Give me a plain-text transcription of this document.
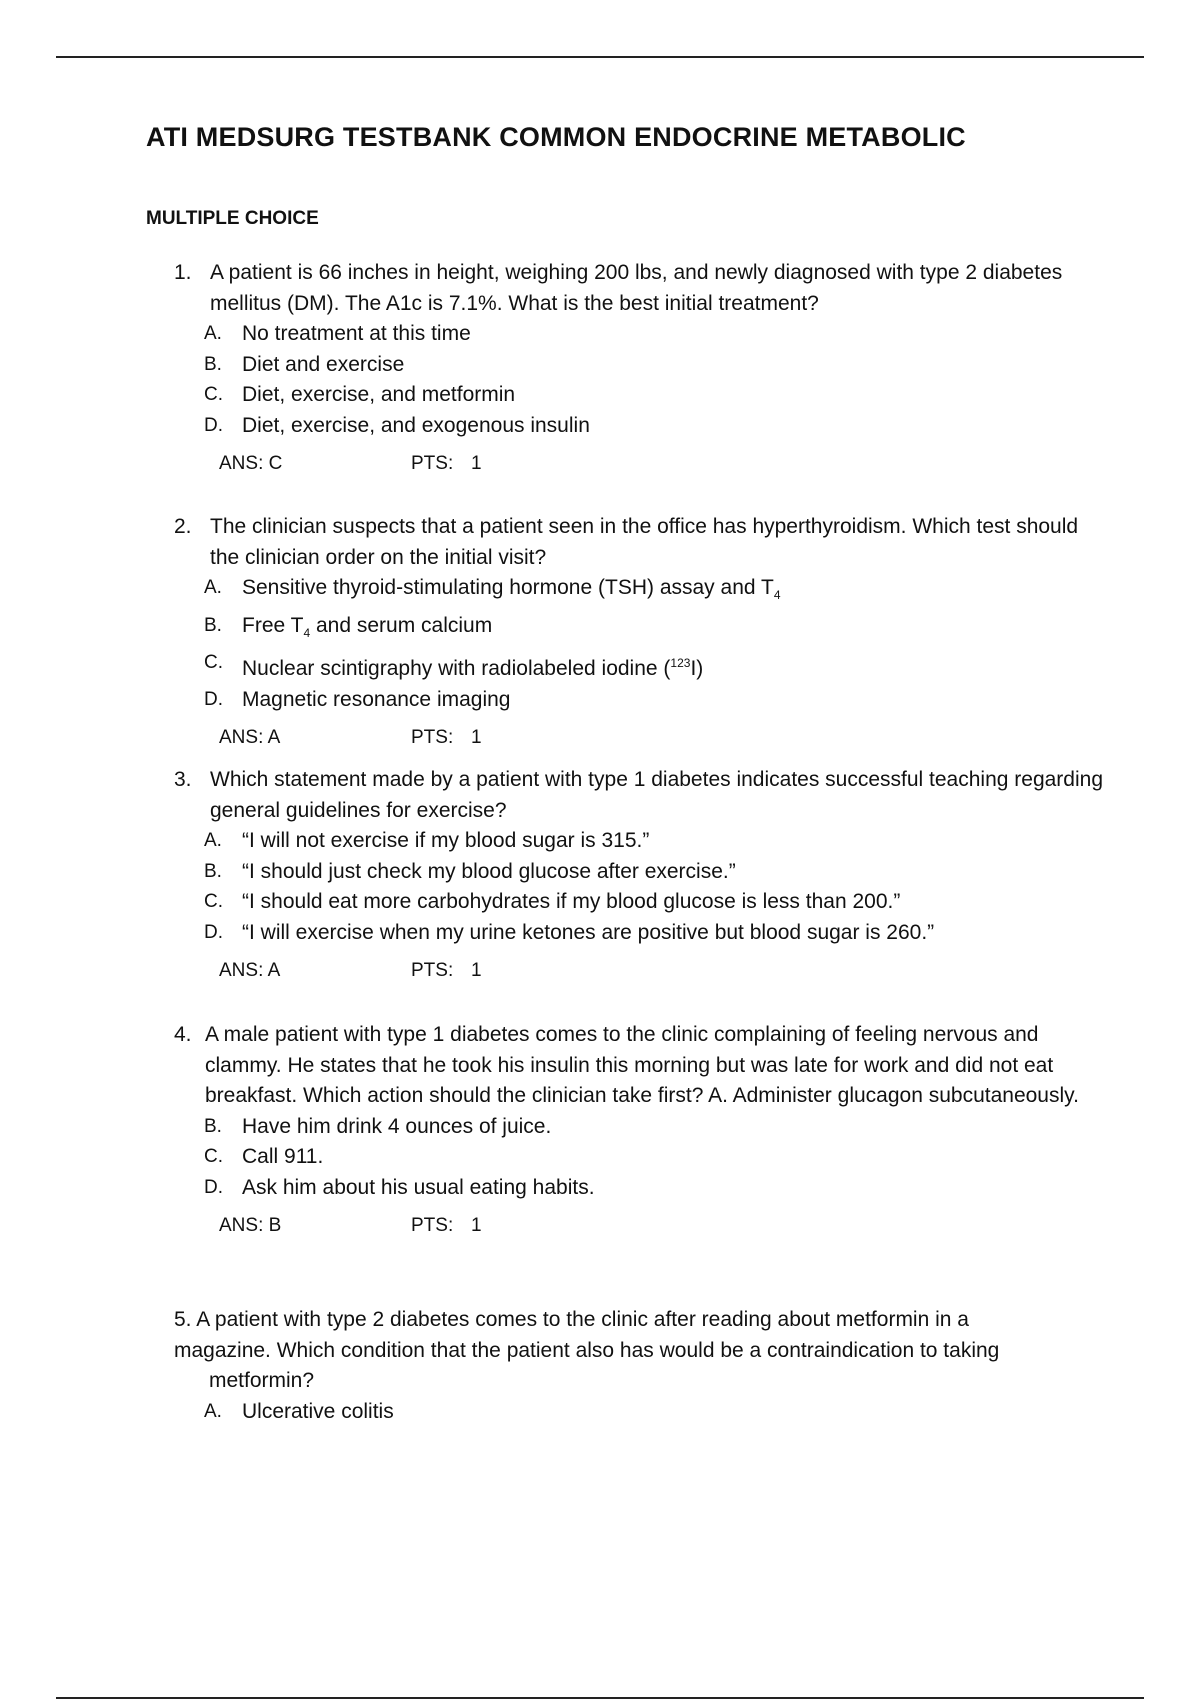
ATI MEDSURG TESTBANK COMMON ENDOCRINE METABOLIC
MULTIPLE CHOICE
1. A patient is 66 inches in height, weighing 200 lbs, and newly diagnosed with type 2 diabetes mellitus (DM). The A1c is 7.1%. What is the best initial treatment?
A. No treatment at this time
B. Diet and exercise
C. Diet, exercise, and metformin
D. Diet, exercise, and exogenous insulin
ANS: C	PTS: 1
2. The clinician suspects that a patient seen in the office has hyperthyroidism. Which test should the clinician order on the initial visit?
A. Sensitive thyroid-stimulating hormone (TSH) assay and $T_4$
B. Free $T_4$ and serum calcium
C. Nuclear scintigraphy with radiolabeled iodine ($^{123}$I)
D. Magnetic resonance imaging
ANS: A	PTS: 1
3. Which statement made by a patient with type 1 diabetes indicates successful teaching regarding general guidelines for exercise?
A. “I will not exercise if my blood sugar is 315.”
B. “I should just check my blood glucose after exercise.”
C. “I should eat more carbohydrates if my blood glucose is less than 200.”
D. “I will exercise when my urine ketones are positive but blood sugar is 260.”
ANS: A	PTS: 1
4. A male patient with type 1 diabetes comes to the clinic complaining of feeling nervous and clammy. He states that he took his insulin this morning but was late for work and did not eat breakfast. Which action should the clinician take first? A. Administer glucagon subcutaneously.
B. Have him drink 4 ounces of juice.
C. Call 911.
D. Ask him about his usual eating habits.
ANS: B	PTS: 1
5. A patient with type 2 diabetes comes to the clinic after reading about metformin in a
magazine. Which condition that the patient also has would be a contraindication to taking
metformin?
A. Ulcerative colitis
